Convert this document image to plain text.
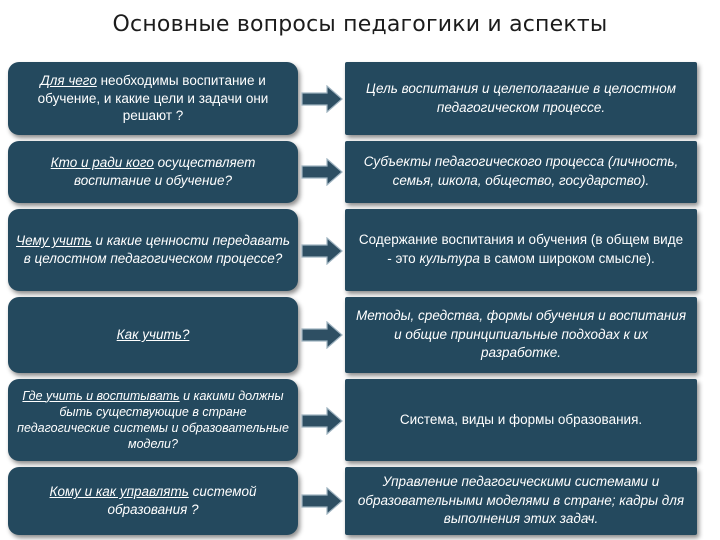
Основные вопросы педагогики и аспекты
Для чего необходимы воспитание и обучение, и какие цели и задачи они решают ?
Цель воспитания и целеполагание в целостном педагогическом процессе.
Кто и ради кого осуществляет воспитание и обучение?
Субъекты педагогического процесса (личность, семья, школа, общество, государство).
Чему учить и какие ценности передавать в целостном педагогическом процессе?
Содержание воспитания и обучения (в общем виде - это культура в самом широком смысле).
Как учить?
Методы, средства, формы обучения и воспитания и общие принципиальные подходах к их разработке.
Где учить и воспитывать и какими должны быть существующие в стране педагогические системы и образовательные модели?
Система, виды и формы образования.
Кому и как управлять системой образования ?
Управление педагогическими системами и образовательными моделями в стране; кадры для выполнения этих задач.
